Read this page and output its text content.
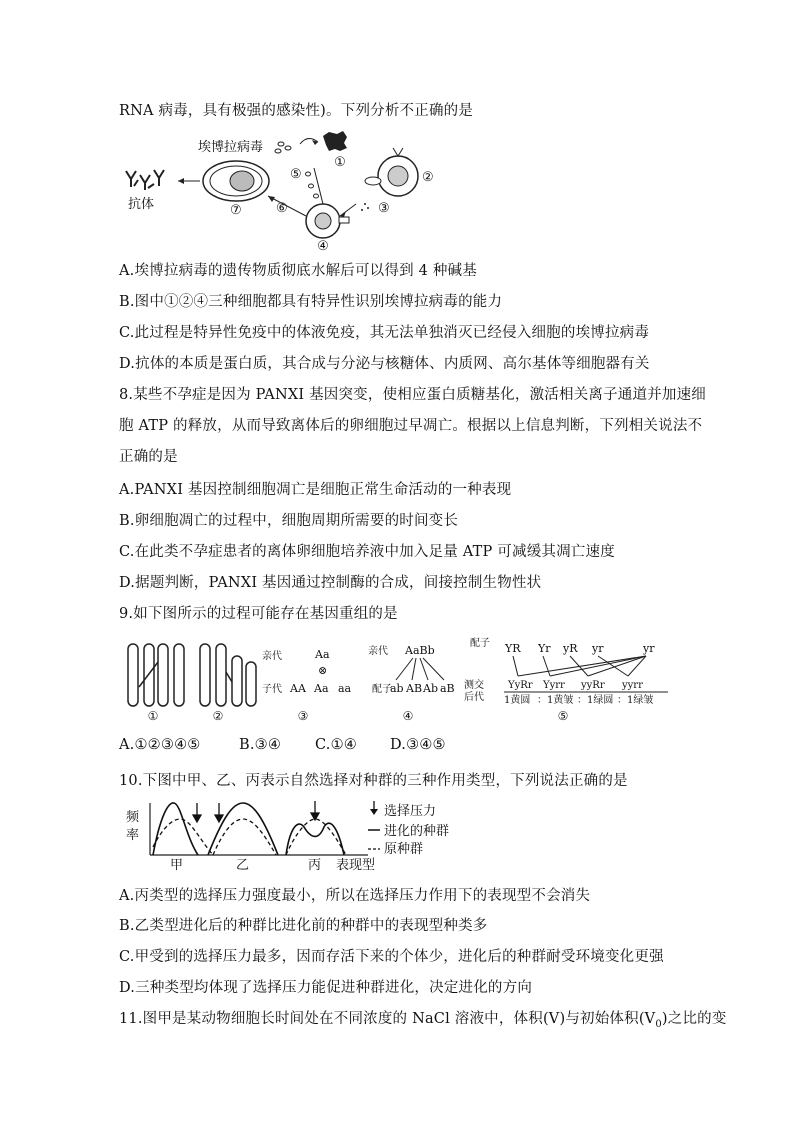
RNA 病毒，具有极强的感染性)。下列分析不正确的是
埃博拉病毒
①
②
③
④
⑤
⑥
⑦
抗体
A.埃博拉病毒的遗传物质彻底水解后可以得到 4 种碱基
B.图中①②④三种细胞都具有特异性识别埃博拉病毒的能力
C.此过程是特异性免疫中的体液免疫，其无法单独消灭已经侵入细胞的埃博拉病毒
D.抗体的本质是蛋白质，其合成与分泌与核糖体、内质网、高尔基体等细胞器有关
8.某些不孕症是因为 PANXI 基因突变，使相应蛋白质糖基化，激活相关离子通道并加速细
胞 ATP 的释放，从而导致离体后的卵细胞过早凋亡。根据以上信息判断，下列相关说法不
正确的是
A.PANXI 基因控制细胞凋亡是细胞正常生命活动的一种表现
B.卵细胞凋亡的过程中，细胞周期所需要的时间变长
C.在此类不孕症患者的离体卵细胞培养液中加入足量 ATP 可减缓其凋亡速度
D.据题判断，PANXI 基因通过控制酶的合成，间接控制生物性状
9.如下图所示的过程可能存在基因重组的是
①	②
亲代	Aa
⊗
子代 AA Aa aa
③
亲代 AaBb
配子
ab AB Ab aB
④
配子
测交
后代
YR Yr yR yr	yr
YyRr Yyrr yyRr yyrr
1黄圆 ：1黄皱 ：1绿圆 ：1绿皱
⑤
A.①②③④⑤	B.③④ C.①④ D.③④⑤
10.下图中甲、乙、丙表示自然选择对种群的三种作用类型，下列说法正确的是
频
率
甲	乙	丙 表现型
选择压力
进化的种群
原种群
A.丙类型的选择压力强度最小，所以在选择压力作用下的表现型不会消失
B.乙类型进化后的种群比进化前的种群中的表现型种类多
C.甲受到的选择压力最多，因而存活下来的个体少，进化后的种群耐受环境变化更强
D.三种类型均体现了选择压力能促进种群进化，决定进化的方向
11.图甲是某动物细胞长时间处在不同浓度的 NaCl 溶液中，体积(V)与初始体积$(V_0)$之比的变
